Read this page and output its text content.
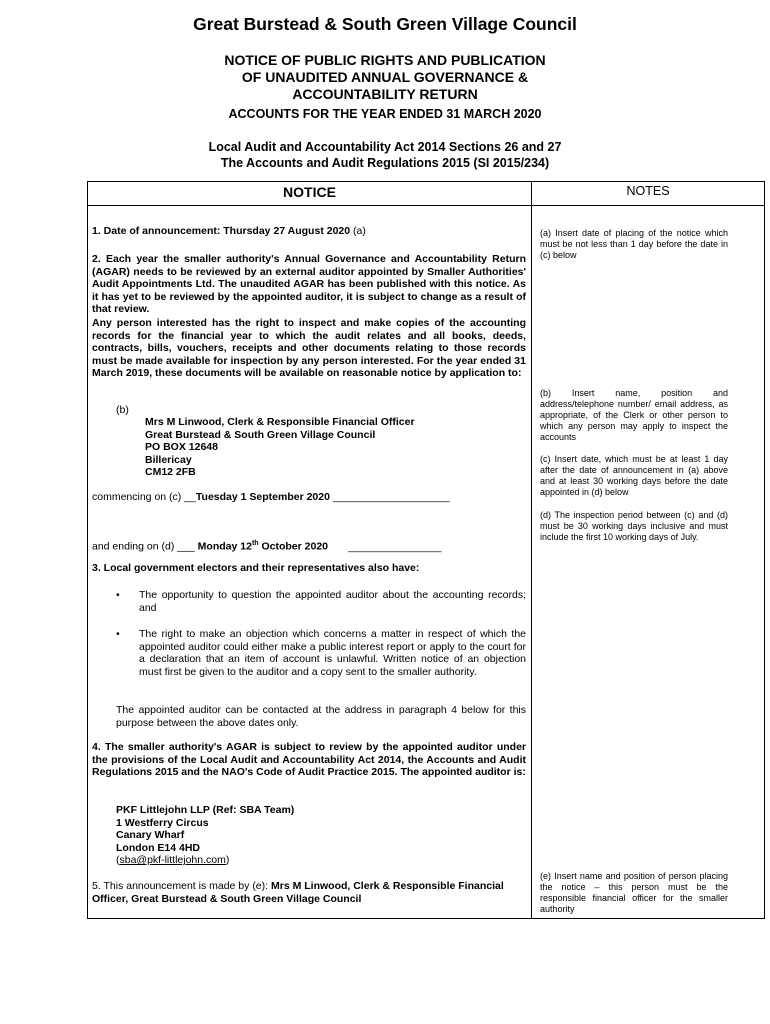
Great Burstead & South Green Village Council
NOTICE OF PUBLIC RIGHTS AND PUBLICATION
OF UNAUDITED ANNUAL GOVERNANCE &
ACCOUNTABILITY RETURN
ACCOUNTS FOR THE YEAR ENDED 31 MARCH 2020
Local Audit and Accountability Act 2014 Sections 26 and 27
The Accounts and Audit Regulations 2015 (SI 2015/234)
NOTICE	NOTES
1. Date of announcement: Thursday 27 August 2020 (a)
2. Each year the smaller authority's Annual Governance and Accountability Return (AGAR) needs to be reviewed by an external auditor appointed by Smaller Authorities' Audit Appointments Ltd. The unaudited AGAR has been published with this notice. As it has yet to be reviewed by the appointed auditor, it is subject to change as a result of that review.
Any person interested has the right to inspect and make copies of the accounting records for the financial year to which the audit relates and all books, deeds, contracts, bills, vouchers, receipts and other documents relating to those records must be made available for inspection by any person interested. For the year ended 31 March 2019, these documents will be available on reasonable notice by application to:
(b)
Mrs M Linwood, Clerk & Responsible Financial Officer
Great Burstead & South Green Village Council
PO BOX 12648
Billericay
CM12 2FB
commencing on (c) __Tuesday 1 September 2020 ____________________
and ending on (d) ___ Monday 12th October 2020 ________________
3. Local government electors and their representatives also have:
• The opportunity to question the appointed auditor about the accounting records; and
• The right to make an objection which concerns a matter in respect of which the appointed auditor could either make a public interest report or apply to the court for a declaration that an item of account is unlawful. Written notice of an objection must first be given to the auditor and a copy sent to the smaller authority.
The appointed auditor can be contacted at the address in paragraph 4 below for this purpose between the above dates only.
4. The smaller authority's AGAR is subject to review by the appointed auditor under the provisions of the Local Audit and Accountability Act 2014, the Accounts and Audit Regulations 2015 and the NAO's Code of Audit Practice 2015. The appointed auditor is:
PKF Littlejohn LLP (Ref: SBA Team)
1 Westferry Circus
Canary Wharf
London E14 4HD
(sba@pkf-littlejohn.com)
5. This announcement is made by (e): Mrs M Linwood, Clerk & Responsible Financial Officer, Great Burstead & South Green Village Council
(a) Insert date of placing of the notice which must be not less than 1 day before the date in (c) below
(b) Insert name, position and address/telephone number/ email address, as appropriate, of the Clerk or other person to which any person may apply to inspect the accounts
(c) Insert date, which must be at least 1 day after the date of announcement in (a) above and at least 30 working days before the date appointed in (d) below
(d) The inspection period between (c) and (d) must be 30 working days inclusive and must include the first 10 working days of July.
(e) Insert name and position of person placing the notice – this person must be the responsible financial officer for the smaller authority
